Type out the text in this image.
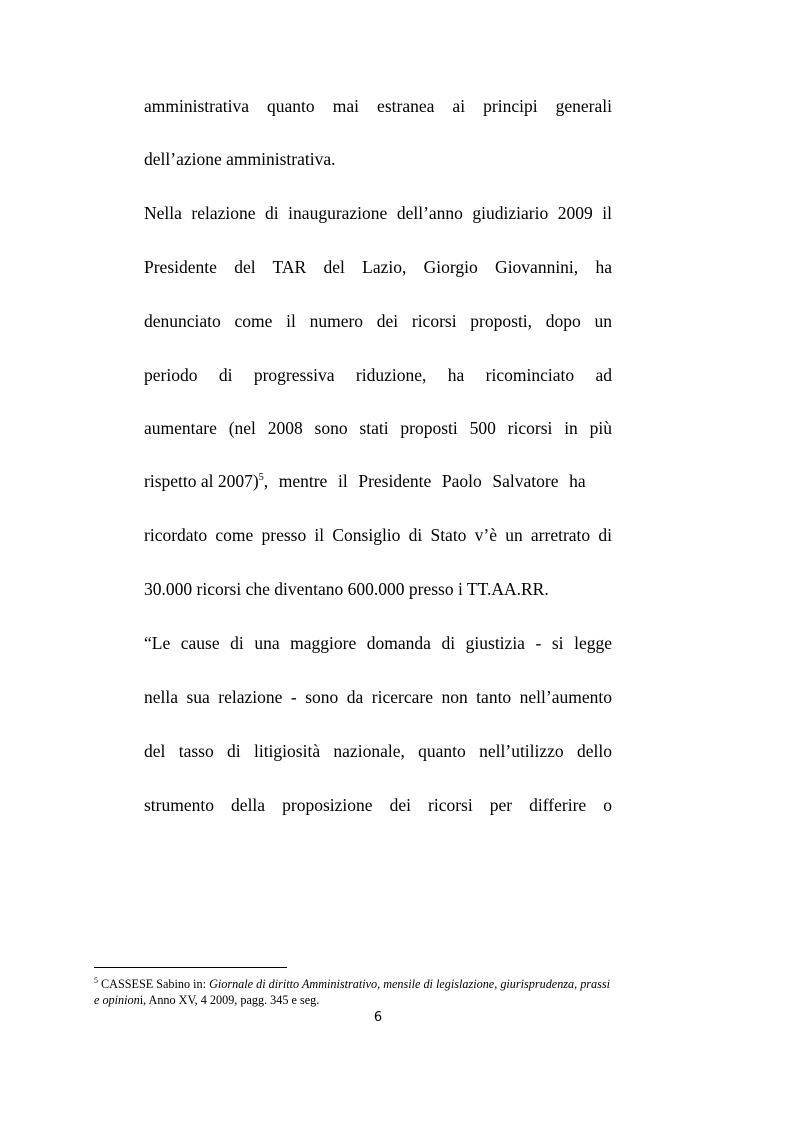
amministrativa quanto mai estranea ai principi generali
dell’azione amministrativa.
Nella relazione di inaugurazione dell’anno giudiziario 2009 il
Presidente del TAR del Lazio, Giorgio Giovannini, ha
denunciato come il numero dei ricorsi proposti, dopo un
periodo di progressiva riduzione, ha ricominciato ad
aumentare (nel 2008 sono stati proposti 500 ricorsi in più
rispetto al 2007)$^5$, mentre il Presidente Paolo Salvatore ha
ricordato come presso il Consiglio di Stato v’è un arretrato di
30.000 ricorsi che diventano 600.000 presso i TT.AA.RR.
“Le cause di una maggiore domanda di giustizia - si legge
nella sua relazione - sono da ricercare non tanto nell’aumento
del tasso di litigiosità nazionale, quanto nell’utilizzo dello
strumento della proposizione dei ricorsi per differire o
$^5$ CASSESE Sabino in: Giornale di diritto Amministrativo, mensile di legislazione, giurisprudenza, prassi
e opinioni, Anno XV, 4 2009, pagg. 345 e seg.
6
